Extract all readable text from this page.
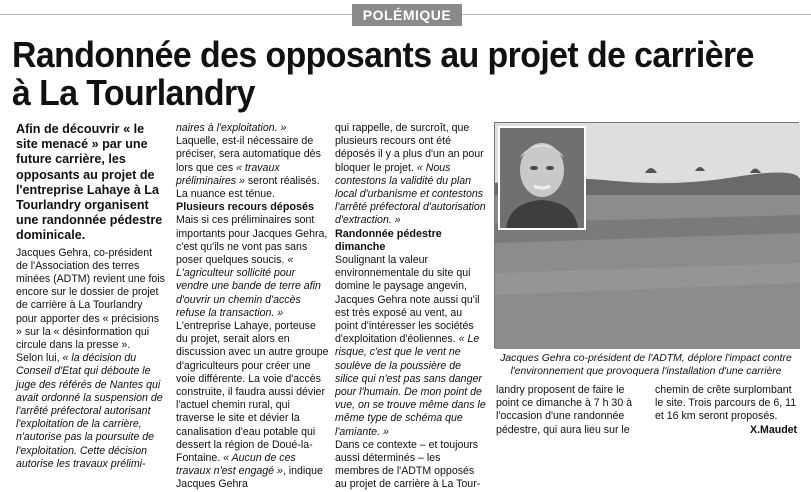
POLÉMIQUE
Randonnée des opposants au projet de carrière à La Tourlandry

Afin de découvrir « le site menacé » par une future carrière, les opposants au projet de l'entreprise Lahaye à La Tourlandry organisent une randonnée pédestre dominicale.

Jacques Gehra, co-président de l'Association des terres minées (ADTM) revient une fois encore sur le dossier de projet de carrière à La Tourlandry pour apporter des « précisions » sur la « désinformation qui circule dans la presse ».

Selon lui, « la décision du Conseil d'Etat qui déboute le juge des référés de Nantes qui avait ordonné la suspension de l'arrêté préfectoral autorisant l'exploitation de la carrière, n'autorise pas la poursuite de l'exploitation. Cette décision autorise les travaux prélimi-

naires à l'exploitation. » Laquelle, est-il nécessaire de préciser, sera automatique dès lors que ces « travaux préliminaires » seront réalisés. La nuance est ténue.

Plusieurs recours déposés

Mais si ces préliminaires sont importants pour Jacques Gehra, c'est qu'ils ne vont pas sans poser quelques soucis. « L'agriculteur sollicité pour vendre une bande de terre afin d'ouvrir un chemin d'accès refuse la transaction. » L'entreprise Lahaye, porteuse du projet, serait alors en discussion avec un autre groupe d'agriculteurs pour créer une voie différente. La voie d'accès construite, il faudra aussi dévier l'actuel chemin rural, qui traverse le site et dévier la canalisation d'eau potable qui dessert la région de Doué-la-Fontaine. « Aucun de ces travaux n'est engagé », indique Jacques Gehra

qui rappelle, de surcroît, que plusieurs recours ont été déposés il y a plus d'un an pour bloquer le projet. « Nous contestons la validité du plan local d'urbanisme et contestons l'arrêté préfectoral d'autorisation d'extraction. »

Randonnée pédestre dimanche

Soulignant la valeur environnementale du site qui domine le paysage angevin, Jacques Gehra note aussi qu'il est très exposé au vent, au point d'intéresser les sociétés d'exploitation d'éoliennes. « Le risque, c'est que le vent ne soulève de la poussière de silice qui n'est pas sans danger pour l'humain. De mon point de vue, on se trouve même dans le même type de schéma que l'amiante. »

Dans ce contexte – et toujours aussi déterminés – les membres de l'ADTM opposés au projet de carrière à La Tour-

Jacques Gehra co-président de l'ADTM, déplore l'impact contre l'environnement que provoquera l'installation d'une carrière

landry proposent de faire le point ce dimanche à 7 h 30 à l'occasion d'une randonnée pédestre, qui aura lieu sur le

chemin de crête surplombant le site. Trois parcours de 6, 11 et 16 km seront proposés.

X.Maudet
